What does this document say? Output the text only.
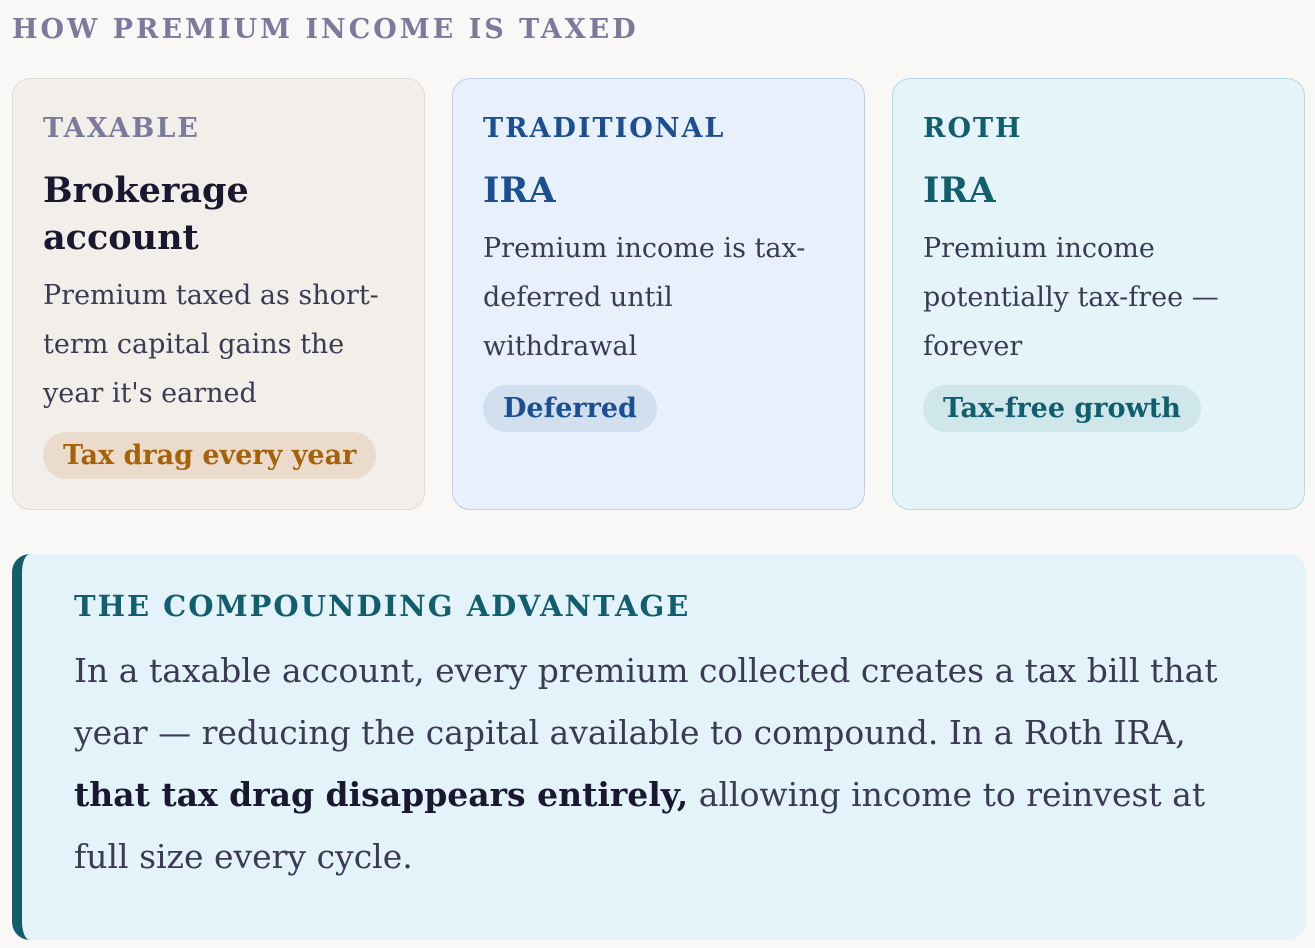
HOW PREMIUM INCOME IS TAXED
TAXABLE
Brokerage account
Premium taxed as short-term capital gains the year it's earned
Tax drag every year
TRADITIONAL
IRA
Premium income is tax-deferred until withdrawal
Deferred
ROTH
IRA
Premium income potentially tax-free — forever
Tax-free growth
THE COMPOUNDING ADVANTAGE
In a taxable account, every premium collected creates a tax bill that year — reducing the capital available to compound. In a Roth IRA, that tax drag disappears entirely, allowing income to reinvest at full size every cycle.
